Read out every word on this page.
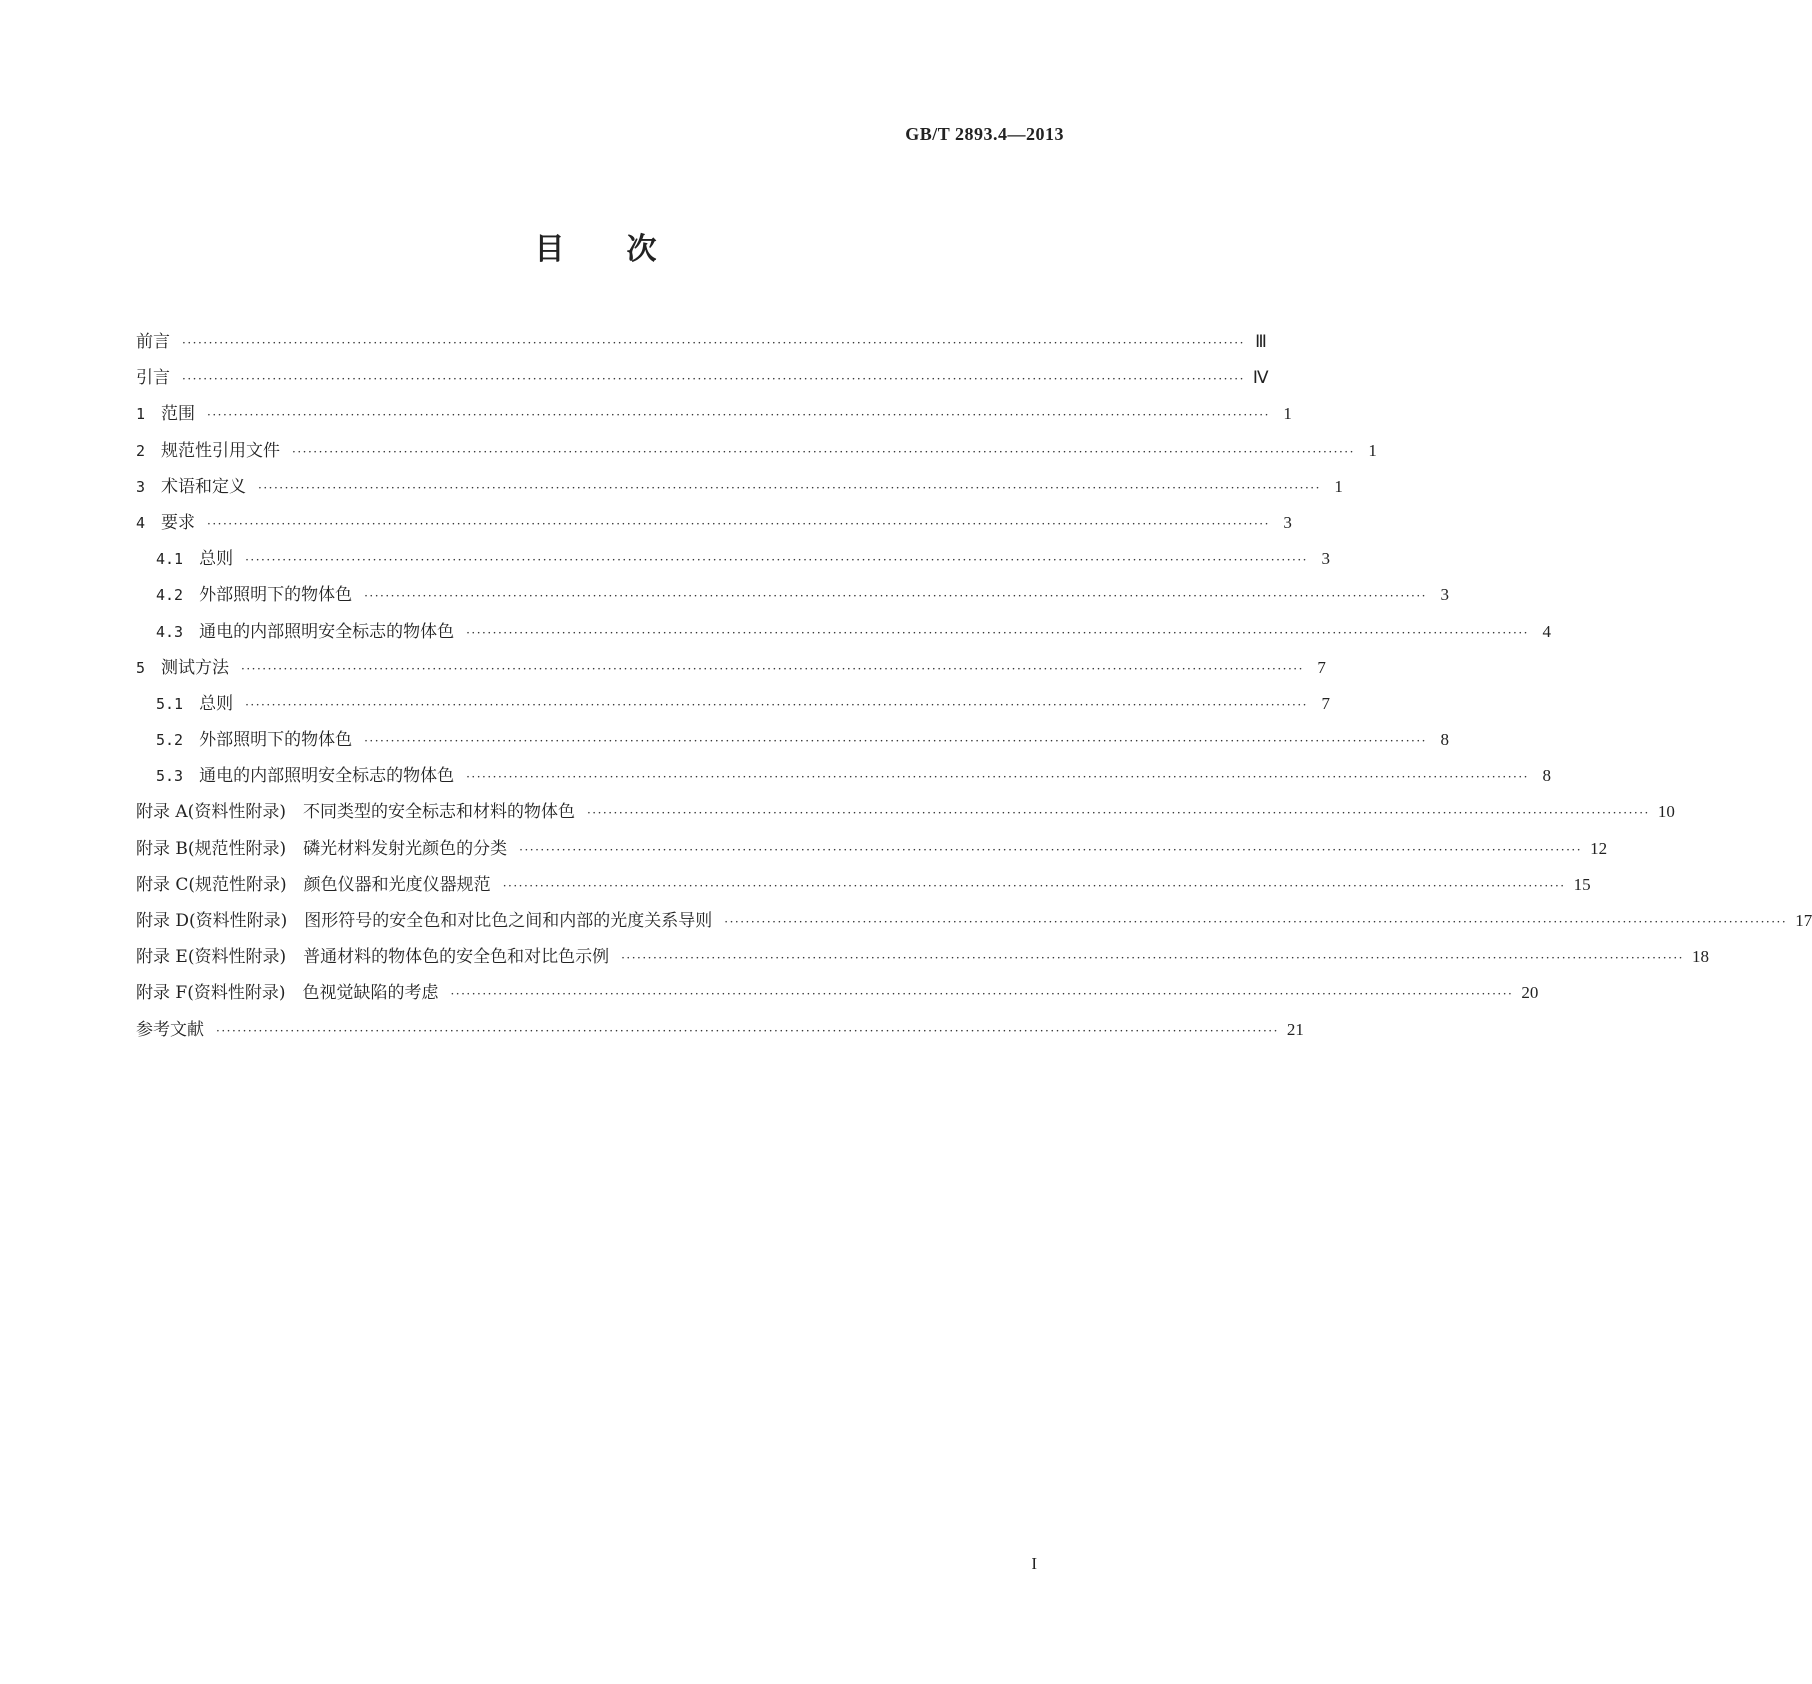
GB/T 2893.4—2013
目 次
前言 ········································································································································································································ Ⅲ
引言 ········································································································································································································ Ⅳ
1 范围 ········································································································································································································ 1
2 规范性引用文件 ········································································································································································································ 1
3 术语和定义 ········································································································································································································ 1
4 要求 ········································································································································································································ 3
4.1 总则 ········································································································································································································ 3
4.2 外部照明下的物体色 ········································································································································································································ 3
4.3 通电的内部照明安全标志的物体色 ········································································································································································································ 4
5 测试方法 ········································································································································································································ 7
5.1 总则 ········································································································································································································ 7
5.2 外部照明下的物体色 ········································································································································································································ 8
5.3 通电的内部照明安全标志的物体色 ········································································································································································································ 8
附录 A(资料性附录)　不同类型的安全标志和材料的物体色 ········································································································································································································ 10
附录 B(规范性附录)　磷光材料发射光颜色的分类 ········································································································································································································ 12
附录 C(规范性附录)　颜色仪器和光度仪器规范 ········································································································································································································ 15
附录 D(资料性附录)　图形符号的安全色和对比色之间和内部的光度关系导则 ········································································································································································································ 17
附录 E(资料性附录)　普通材料的物体色的安全色和对比色示例 ········································································································································································································ 18
附录 F(资料性附录)　色视觉缺陷的考虑 ········································································································································································································ 20
参考文献 ········································································································································································································ 21
I
